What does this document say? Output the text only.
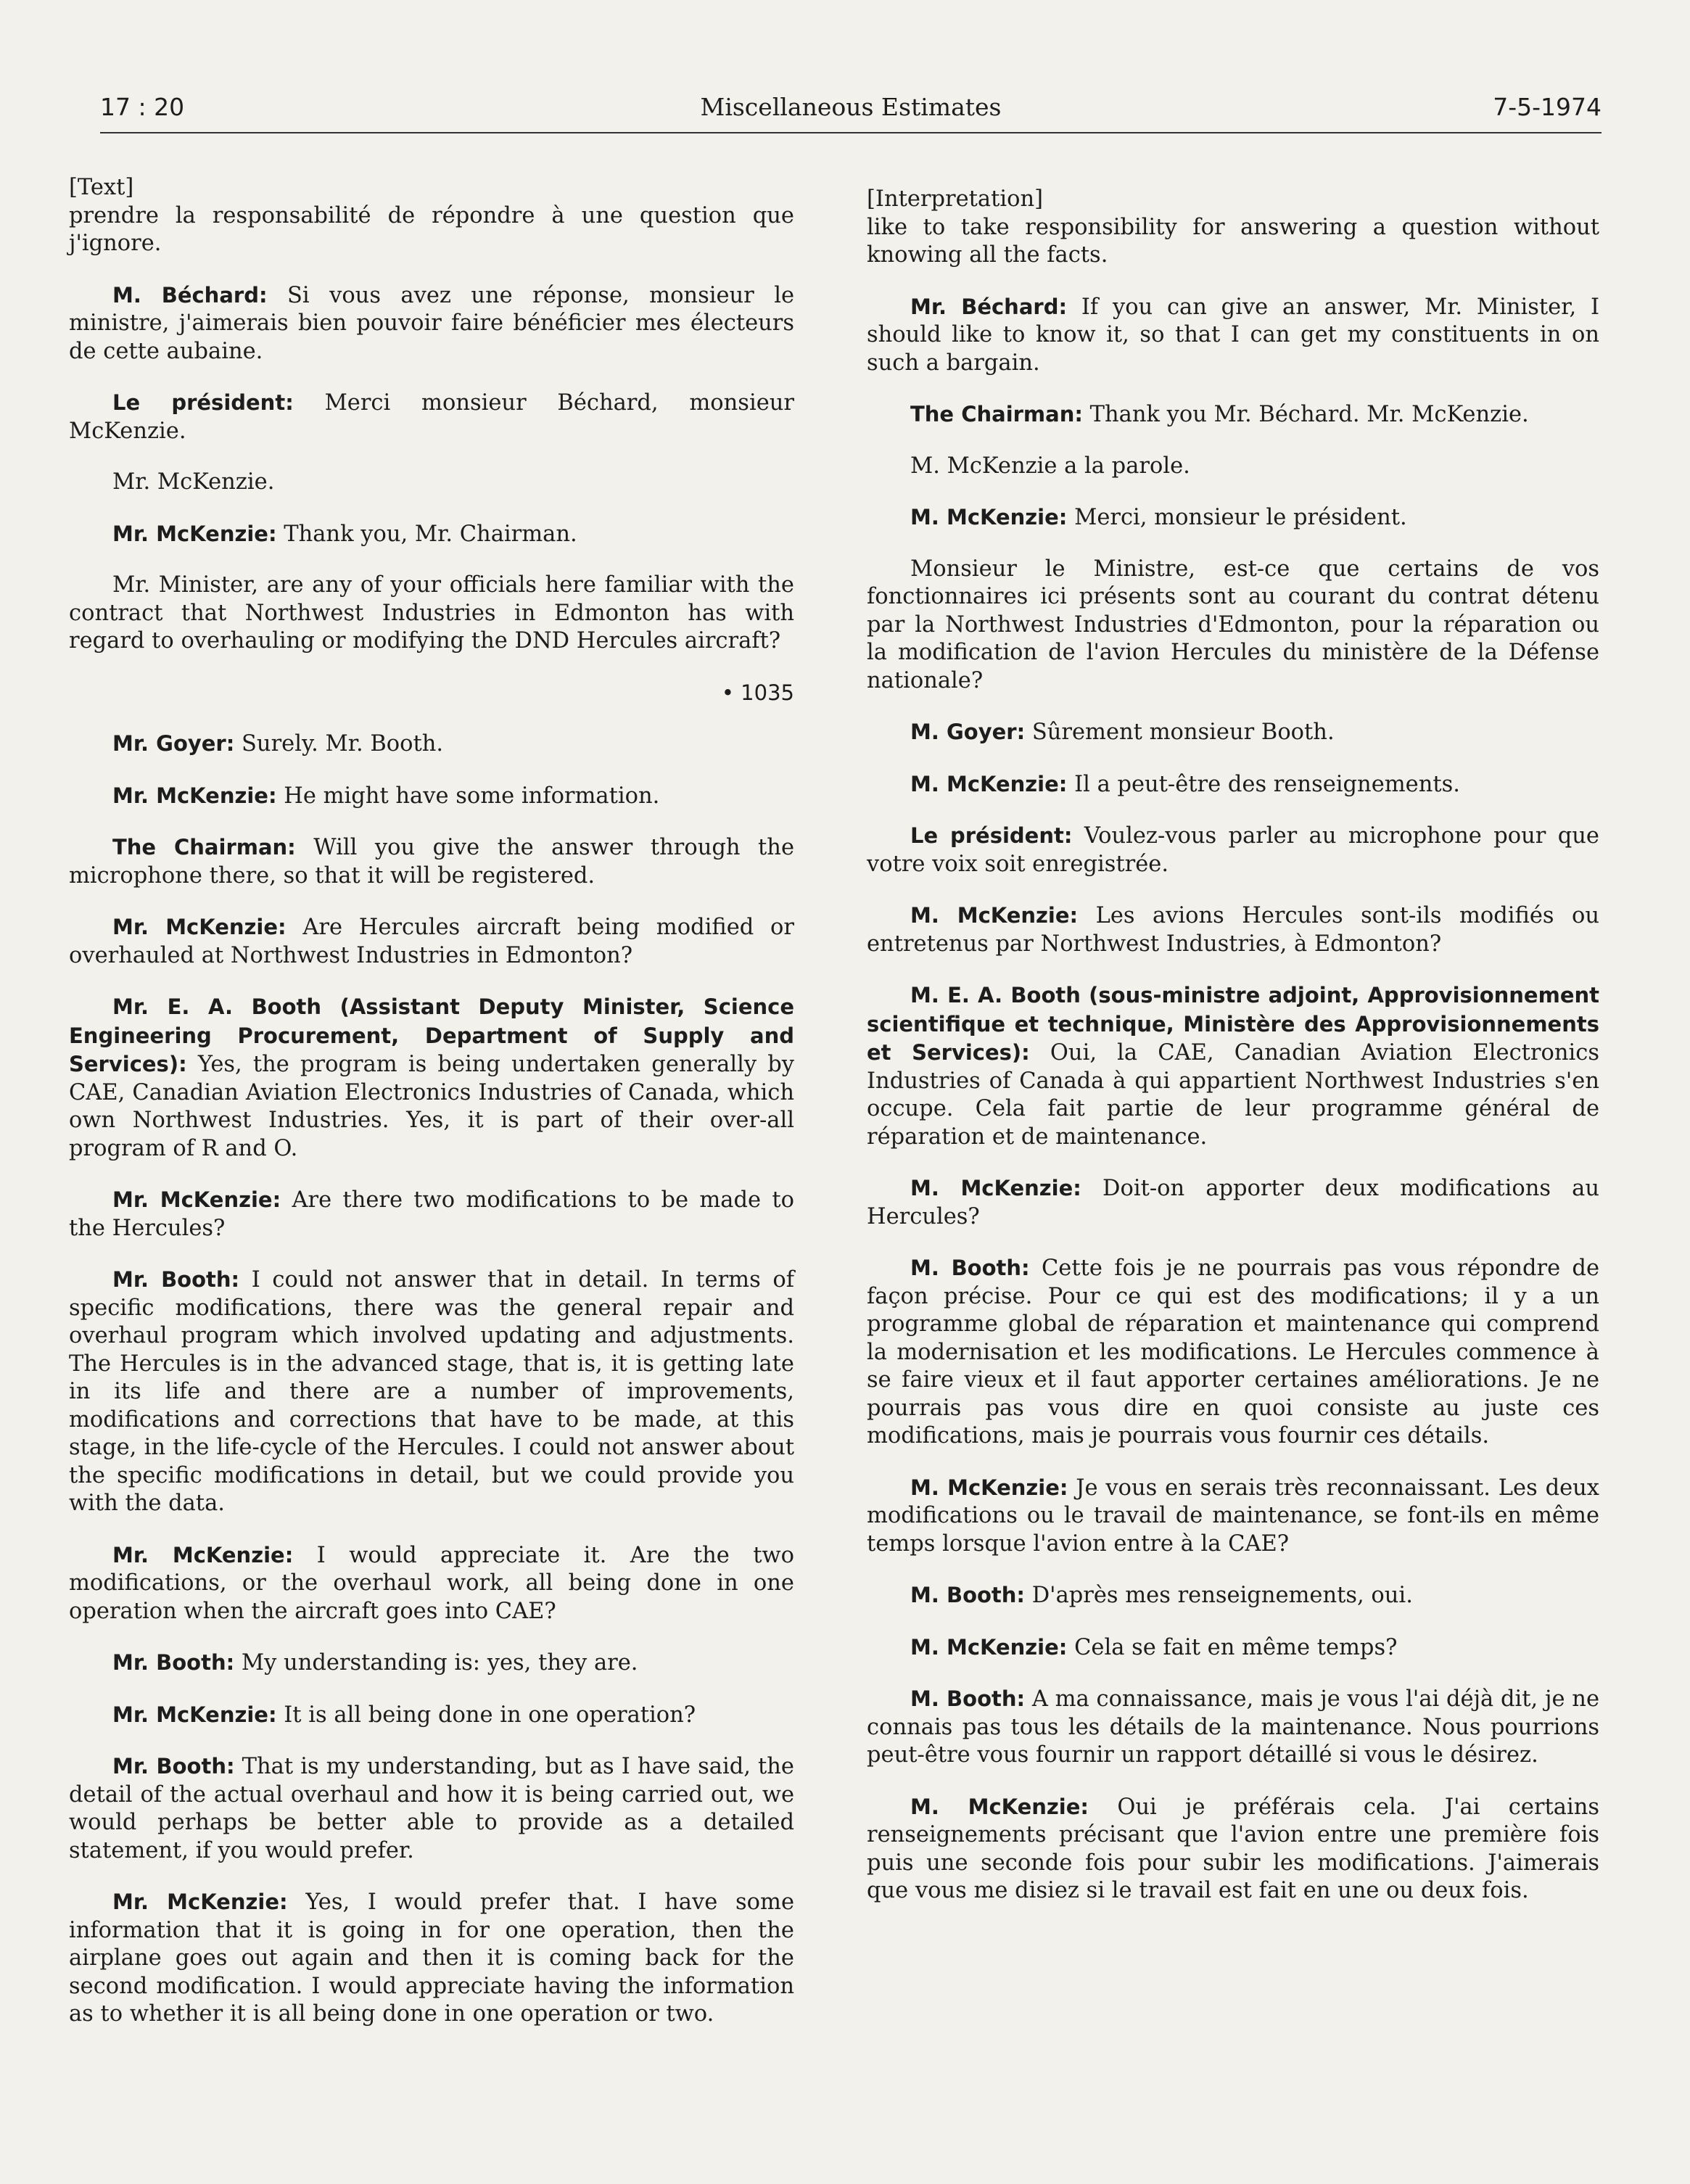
17 : 20	Miscellaneous Estimates	7-5-1974
[Text]
prendre la responsabilité de répondre à une question que j'ignore.
M. Béchard: Si vous avez une réponse, monsieur le ministre, j'aimerais bien pouvoir faire bénéficier mes électeurs de cette aubaine.
Le président: Merci monsieur Béchard, monsieur McKenzie.
Mr. McKenzie.
Mr. McKenzie: Thank you, Mr. Chairman.
Mr. Minister, are any of your officials here familiar with the contract that Northwest Industries in Edmonton has with regard to overhauling or modifying the DND Hercules aircraft?
• 1035
Mr. Goyer: Surely. Mr. Booth.
Mr. McKenzie: He might have some information.
The Chairman: Will you give the answer through the microphone there, so that it will be registered.
Mr. McKenzie: Are Hercules aircraft being modified or overhauled at Northwest Industries in Edmonton?
Mr. E. A. Booth (Assistant Deputy Minister, Science Engineering Procurement, Department of Supply and Services): Yes, the program is being undertaken generally by CAE, Canadian Aviation Electronics Industries of Canada, which own Northwest Industries. Yes, it is part of their over-all program of R and O.
Mr. McKenzie: Are there two modifications to be made to the Hercules?
Mr. Booth: I could not answer that in detail. In terms of specific modifications, there was the general repair and overhaul program which involved updating and adjustments. The Hercules is in the advanced stage, that is, it is getting late in its life and there are a number of improvements, modifications and corrections that have to be made, at this stage, in the life-cycle of the Hercules. I could not answer about the specific modifications in detail, but we could provide you with the data.
Mr. McKenzie: I would appreciate it. Are the two modifications, or the overhaul work, all being done in one operation when the aircraft goes into CAE?
Mr. Booth: My understanding is: yes, they are.
Mr. McKenzie: It is all being done in one operation?
Mr. Booth: That is my understanding, but as I have said, the detail of the actual overhaul and how it is being carried out, we would perhaps be better able to provide as a detailed statement, if you would prefer.
Mr. McKenzie: Yes, I would prefer that. I have some information that it is going in for one operation, then the airplane goes out again and then it is coming back for the second modification. I would appreciate having the information as to whether it is all being done in one operation or two.
[Interpretation]
like to take responsibility for answering a question without knowing all the facts.
Mr. Béchard: If you can give an answer, Mr. Minister, I should like to know it, so that I can get my constituents in on such a bargain.
The Chairman: Thank you Mr. Béchard. Mr. McKenzie.
M. McKenzie a la parole.
M. McKenzie: Merci, monsieur le président.
Monsieur le Ministre, est-ce que certains de vos fonctionnaires ici présents sont au courant du contrat détenu par la Northwest Industries d'Edmonton, pour la réparation ou la modification de l'avion Hercules du ministère de la Défense nationale?
M. Goyer: Sûrement monsieur Booth.
M. McKenzie: Il a peut-être des renseignements.
Le président: Voulez-vous parler au microphone pour que votre voix soit enregistrée.
M. McKenzie: Les avions Hercules sont-ils modifiés ou entretenus par Northwest Industries, à Edmonton?
M. E. A. Booth (sous-ministre adjoint, Approvisionnement scientifique et technique, Ministère des Approvisionnements et Services): Oui, la CAE, Canadian Aviation Electronics Industries of Canada à qui appartient Northwest Industries s'en occupe. Cela fait partie de leur programme général de réparation et de maintenance.
M. McKenzie: Doit-on apporter deux modifications au Hercules?
M. Booth: Cette fois je ne pourrais pas vous répondre de façon précise. Pour ce qui est des modifications; il y a un programme global de réparation et maintenance qui comprend la modernisation et les modifications. Le Hercules commence à se faire vieux et il faut apporter certaines améliorations. Je ne pourrais pas vous dire en quoi consiste au juste ces modifications, mais je pourrais vous fournir ces détails.
M. McKenzie: Je vous en serais très reconnaissant. Les deux modifications ou le travail de maintenance, se font-ils en même temps lorsque l'avion entre à la CAE?
M. Booth: D'après mes renseignements, oui.
M. McKenzie: Cela se fait en même temps?
M. Booth: A ma connaissance, mais je vous l'ai déjà dit, je ne connais pas tous les détails de la maintenance. Nous pourrions peut-être vous fournir un rapport détaillé si vous le désirez.
M. McKenzie: Oui je préférais cela. J'ai certains renseignements précisant que l'avion entre une première fois puis une seconde fois pour subir les modifications. J'aimerais que vous me disiez si le travail est fait en une ou deux fois.
